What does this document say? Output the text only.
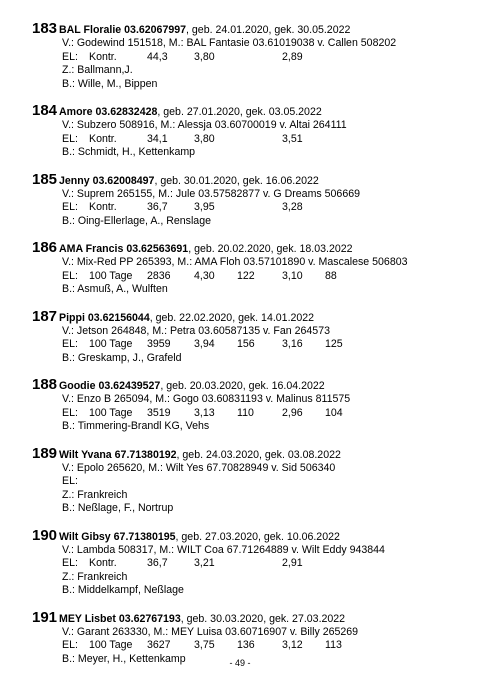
183 BAL Floralie 03.62067997, geb. 24.01.2020, gek. 30.05.2022
V.: Godewind 151518, M.: BAL Fantasie 03.61019038 v. Callen 508202
EL: Kontr.	44,3 3,80	2,89
Z.: Ballmann,J.
B.: Wille, M., Bippen
184 Amore 03.62832428, geb. 27.01.2020, gek. 03.05.2022
V.: Subzero 508916, M.: Alessja 03.60700019 v. Altai 264111
EL: Kontr.	34,1 3,80	3,51
B.: Schmidt, H., Kettenkamp
185 Jenny 03.62008497, geb. 30.01.2020, gek. 16.06.2022
V.: Suprem 265155, M.: Jule 03.57582877 v. G Dreams 506669
EL: Kontr.	36,7 3,95	3,28
B.: Oing-Ellerlage, A., Renslage
186 AMA Francis 03.62563691, geb. 20.02.2020, gek. 18.03.2022
V.: Mix-Red PP 265393, M.: AMA Floh 03.57101890 v. Mascalese 506803
EL: 100 Tage 2836 4,30 122	3,10 88
B.: Asmuß, A., Wulften
187 Pippi 03.62156044, geb. 22.02.2020, gek. 14.01.2022
V.: Jetson 264848, M.: Petra 03.60587135 v. Fan 264573
EL: 100 Tage 3959 3,94 156	3,16 125
B.: Greskamp, J., Grafeld
188 Goodie 03.62439527, geb. 20.03.2020, gek. 16.04.2022
V.: Enzo B 265094, M.: Gogo 03.60831193 v. Malinus 811575
EL: 100 Tage 3519 3,13 110	2,96 104
B.: Timmering-Brandl KG, Vehs
189 Wilt Yvana 67.71380192, geb. 24.03.2020, gek. 03.08.2022
V.: Epolo 265620, M.: Wilt Yes 67.70828949 v. Sid 506340
EL:
Z.: Frankreich
B.: Neßlage, F., Nortrup
190 Wilt Gibsy 67.71380195, geb. 27.03.2020, gek. 10.06.2022
V.: Lambda 508317, M.: WILT Coa 67.71264889 v. Wilt Eddy 943844
EL: Kontr.	36,7 3,21	2,91
Z.: Frankreich
B.: Middelkampf, Neßlage
191 MEY Lisbet 03.62767193, geb. 30.03.2020, gek. 27.03.2022
V.: Garant 263330, M.: MEY Luisa 03.60716907 v. Billy 265269
EL: 100 Tage 3627 3,75 136	3,12 113
B.: Meyer, H., Kettenkamp	- 49 -
